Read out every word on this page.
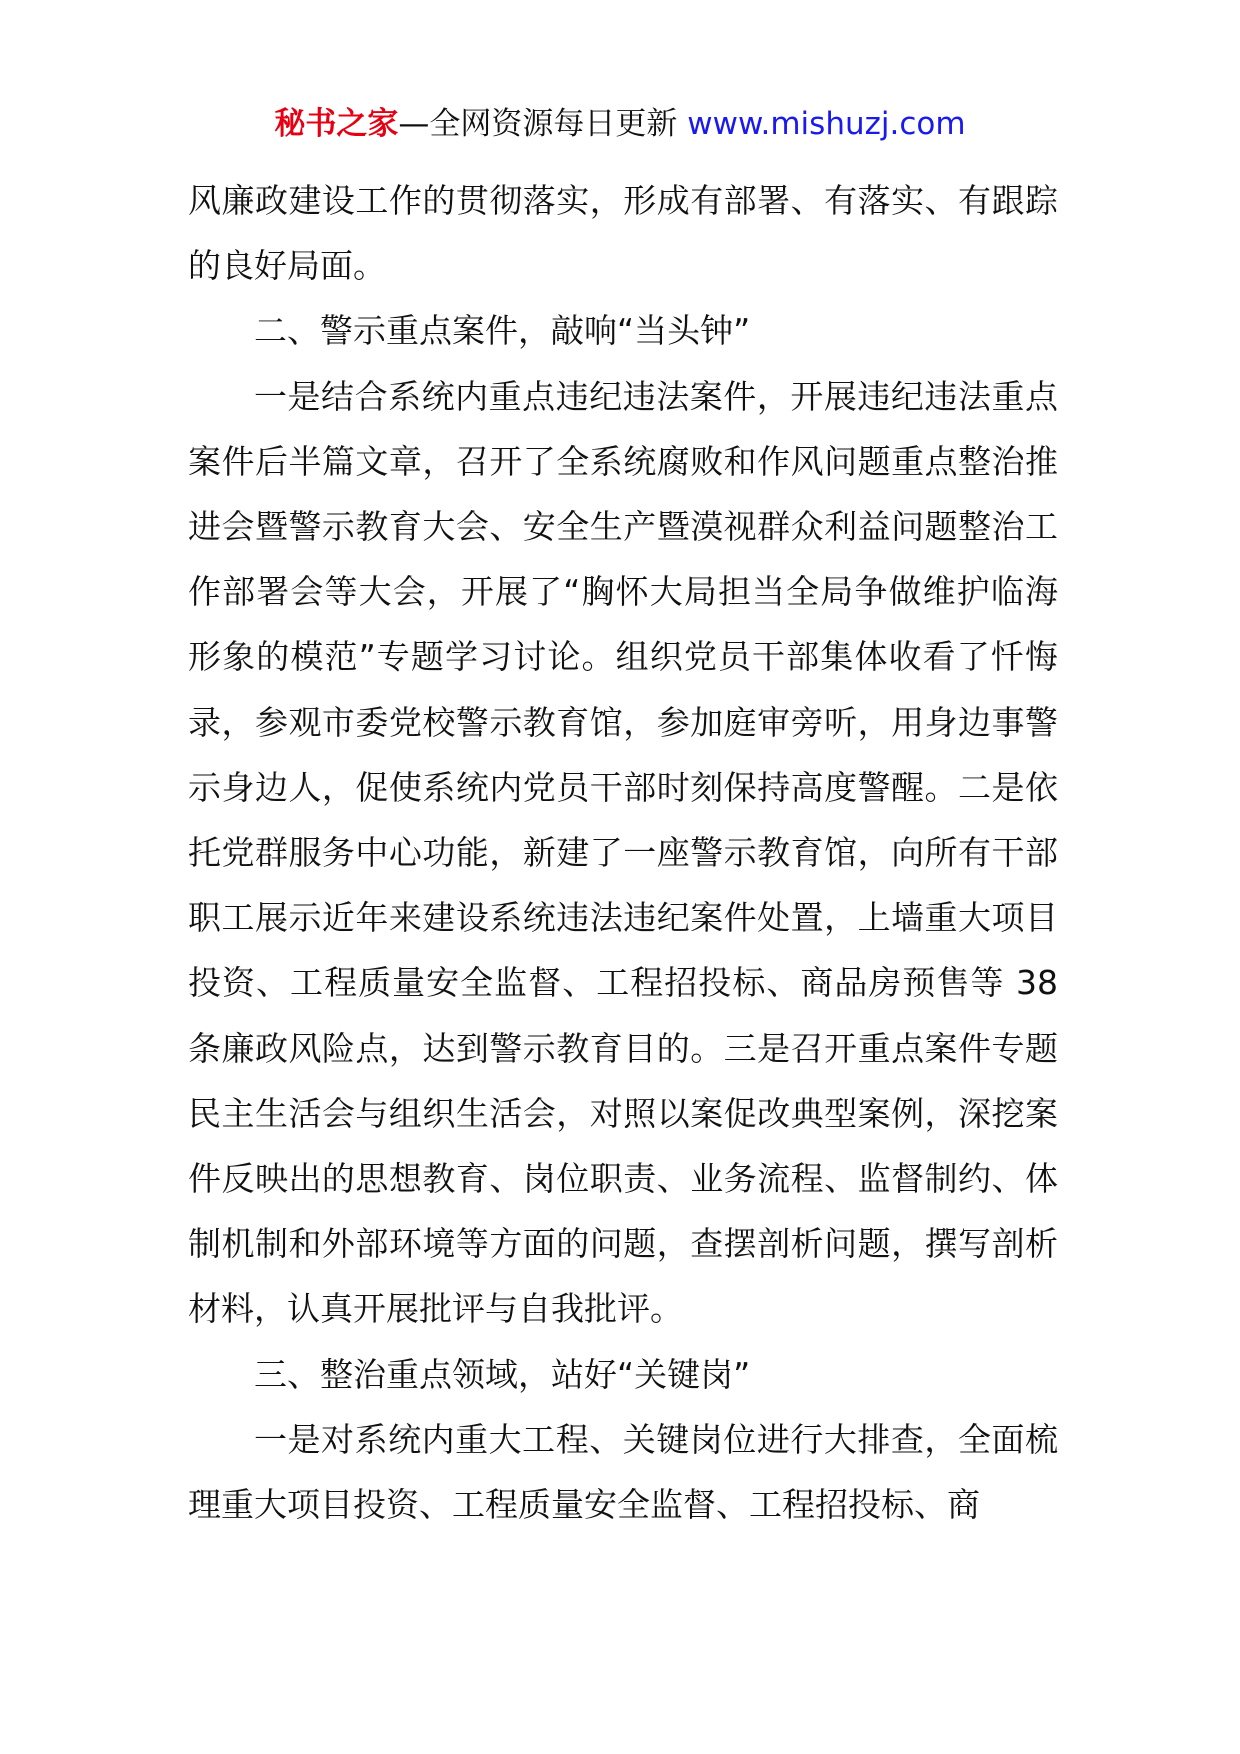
秘书之家—全网资源每日更新 www.mishuzj.com

风廉政建设工作的贯彻落实，形成有部署、有落实、有跟踪的良好局面。

二、警示重点案件，敲响“当头钟”

一是结合系统内重点违纪违法案件，开展违纪违法重点案件后半篇文章，召开了全系统腐败和作风问题重点整治推进会暨警示教育大会、安全生产暨漠视群众利益问题整治工作部署会等大会，开展了“胸怀大局担当全局争做维护临海形象的模范”专题学习讨论。组织党员干部集体收看了忏悔录，参观市委党校警示教育馆，参加庭审旁听，用身边事警示身边人，促使系统内党员干部时刻保持高度警醒。二是依托党群服务中心功能，新建了一座警示教育馆，向所有干部职工展示近年来建设系统违法违纪案件处置，上墙重大项目投资、工程质量安全监督、工程招投标、商品房预售等 38 条廉政风险点，达到警示教育目的。三是召开重点案件专题民主生活会与组织生活会，对照以案促改典型案例，深挖案件反映出的思想教育、岗位职责、业务流程、监督制约、体制机制和外部环境等方面的问题，查摆剖析问题，撰写剖析材料，认真开展批评与自我批评。

三、整治重点领域，站好“关键岗”

一是对系统内重大工程、关键岗位进行大排查，全面梳理重大项目投资、工程质量安全监督、工程招投标、商
